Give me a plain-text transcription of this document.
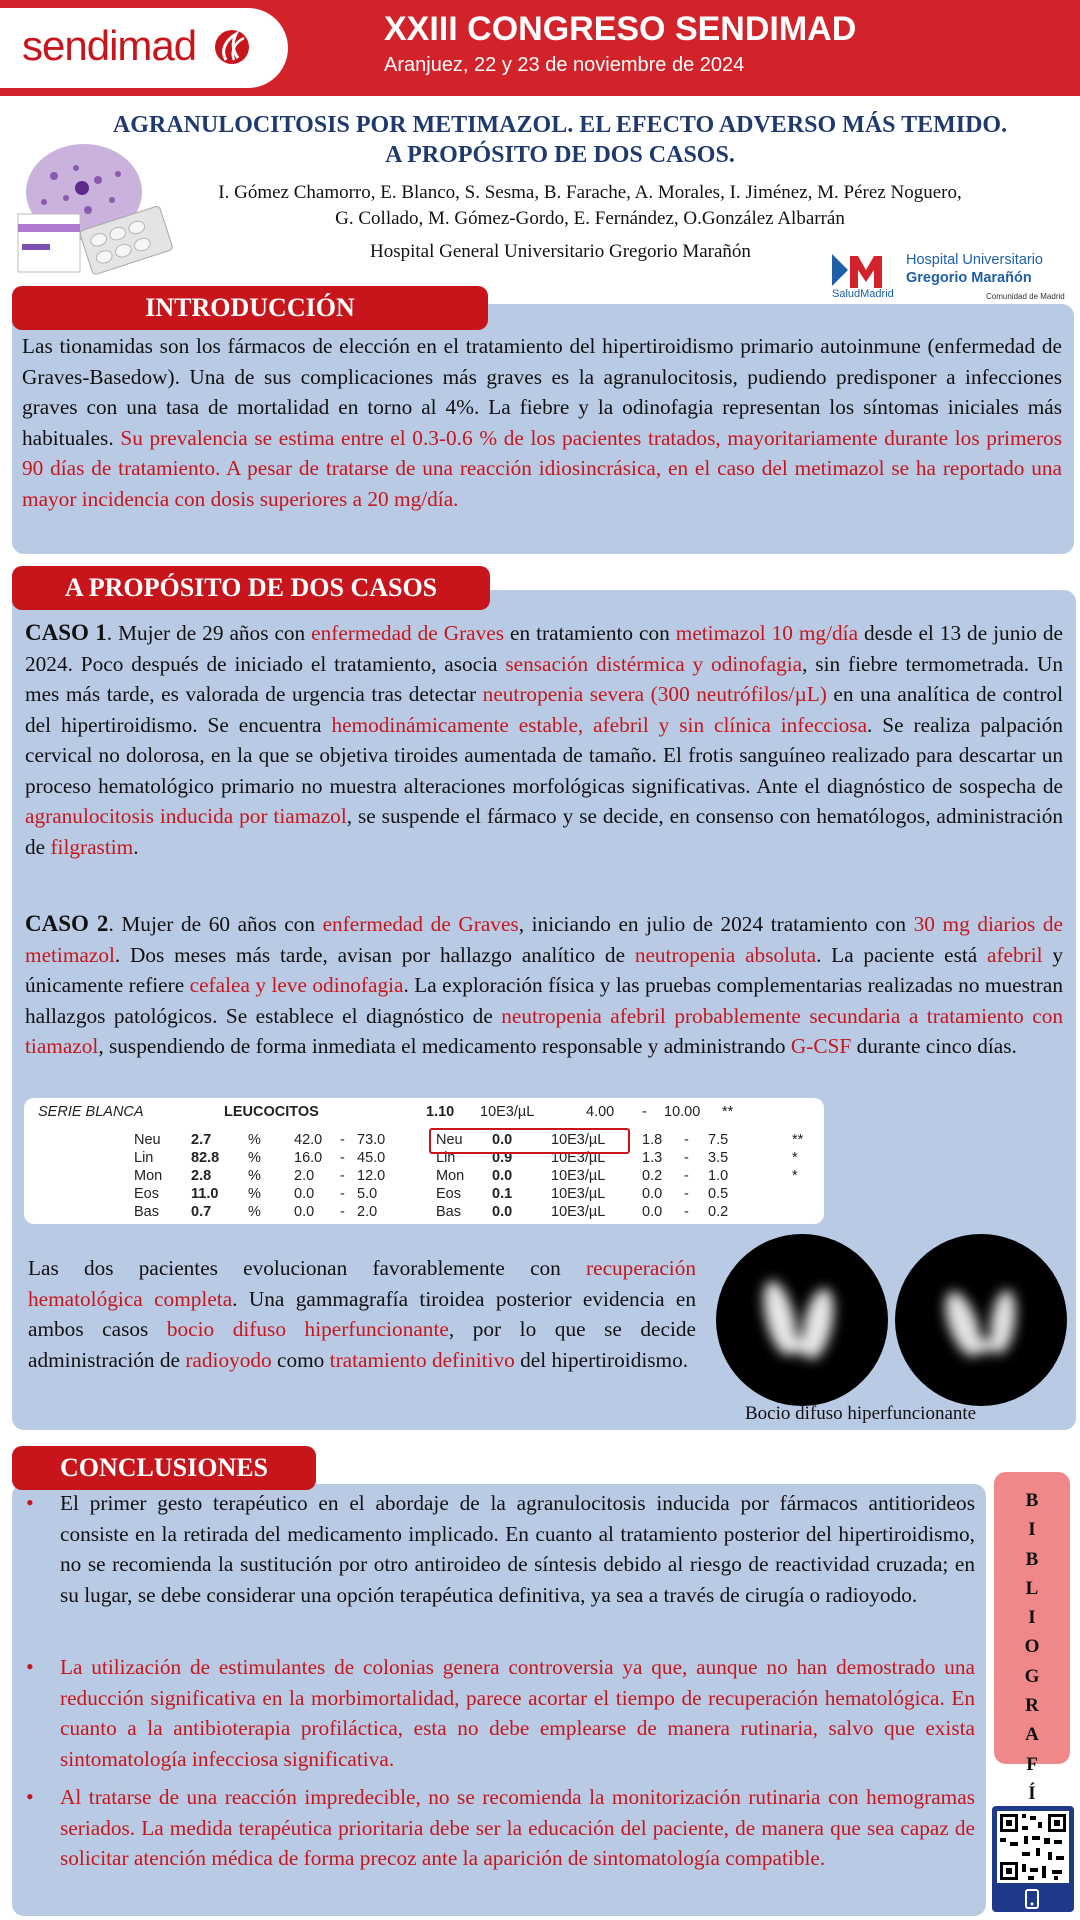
sendimad	XXIII CONGRESO SENDIMAD
Aranjuez, 22 y 23 de noviembre de 2024
AGRANULOCITOSIS POR METIMAZOL. EL EFECTO ADVERSO MÁS TEMIDO.
A PROPÓSITO DE DOS CASOS.
I. Gómez Chamorro, E. Blanco, S. Sesma, B. Farache, A. Morales, I. Jiménez, M. Pérez Noguero,
G. Collado, M. Gómez-Gordo, E. Fernández, O.González Albarrán
Hospital General Universitario Gregorio Marañón	Hospital Universitario
Gregorio Marañón
SaludMadrid	Comunidad de Madrid
INTRODUCCIÓN
Las tionamidas son los fármacos de elección en el tratamiento del hipertiroidismo primario autoinmune (enfermedad de Graves-Basedow). Una de sus complicaciones más graves es la agranulocitosis, pudiendo predisponer a infecciones graves con una tasa de mortalidad en torno al 4%. La fiebre y la odinofagia representan los síntomas iniciales más habituales. Su prevalencia se estima entre el 0.3-0.6 % de los pacientes tratados, mayoritariamente durante los primeros 90 días de tratamiento. A pesar de tratarse de una reacción idiosincrásica, en el caso del metimazol se ha reportado una mayor incidencia con dosis superiores a 20 mg/día.
A PROPÓSITO DE DOS CASOS
CASO 1. Mujer de 29 años con enfermedad de Graves en tratamiento con metimazol 10 mg/día desde el 13 de junio de 2024. Poco después de iniciado el tratamiento, asocia sensación distérmica y odinofagia, sin fiebre termometrada. Un mes más tarde, es valorada de urgencia tras detectar neutropenia severa (300 neutrófilos/µL) en una analítica de control del hipertiroidismo. Se encuentra hemodinámicamente estable, afebril y sin clínica infecciosa. Se realiza palpación cervical no dolorosa, en la que se objetiva tiroides aumentada de tamaño. El frotis sanguíneo realizado para descartar un proceso hematológico primario no muestra alteraciones morfológicas significativas. Ante el diagnóstico de sospecha de agranulocitosis inducida por tiamazol, se suspende el fármaco y se decide, en consenso con hematólogos, administración de filgrastim.
CASO 2. Mujer de 60 años con enfermedad de Graves, iniciando en julio de 2024 tratamiento con 30 mg diarios de metimazol. Dos meses más tarde, avisan por hallazgo analítico de neutropenia absoluta. La paciente está afebril y únicamente refiere cefalea y leve odinofagia. La exploración física y las pruebas complementarias realizadas no muestran hallazgos patológicos. Se establece el diagnóstico de neutropenia afebril probablemente secundaria a tratamiento con tiamazol, suspendiendo de forma inmediata el medicamento responsable y administrando G-CSF durante cinco días.
SERIE BLANCA	LEUCOCITOS	1.10 10E3/µL	4.00 - 10.00 **
Neu 2.7	% 42.0 - 73.0	Neu 0.0	10E3/µL	1.8 - 7.5	**
Lin	82.8 % 16.0 - 45.0	Lin	0.9	10E3/µL	1.3 - 3.5	*
Mon 2.8	% 2.0 - 12.0	Mon 0.0	10E3/µL	0.2 - 1.0	*
Eos 11.0 % 0.0 - 5.0	Eos 0.1	10E3/µL	0.0 - 0.5
Bas 0.7	% 0.0 - 2.0	Bas 0.0	10E3/µL	0.0 - 0.2
Las dos pacientes evolucionan favorablemente con recuperación hematológica completa. Una gammagrafía tiroidea posterior evidencia en ambos casos bocio difuso hiperfuncionante, por lo que se decide administración de radioyodo como tratamiento definitivo del hipertiroidismo.
Bocio difuso hiperfuncionante
CONCLUSIONES
•	El primer gesto terapéutico en el abordaje de la agranulocitosis inducida por fármacos antitiorideos consiste en la retirada del medicamento implicado. En cuanto al tratamiento posterior del hipertiroidismo, no se recomienda la sustitución por otro antiroideo de síntesis debido al riesgo de reactividad cruzada; en su lugar, se debe considerar una opción terapéutica definitiva, ya sea a través de cirugía o radioyodo.
•	La utilización de estimulantes de colonias genera controversia ya que, aunque no han demostrado una reducción significativa en la morbimortalidad, parece acortar el tiempo de recuperación hematológica. En cuanto a la antibioterapia profiláctica, esta no debe emplearse de manera rutinaria, salvo que exista sintomatología infecciosa significativa.
•	Al tratarse de una reacción impredecible, no se recomienda la monitorización rutinaria con hemogramas seriados. La medida terapéutica prioritaria debe ser la educación del paciente, de manera que sea capaz de solicitar atención médica de forma precoz ante la aparición de sintomatología compatible.
B
I
B
L
I
O
G
R
A
F
Í
